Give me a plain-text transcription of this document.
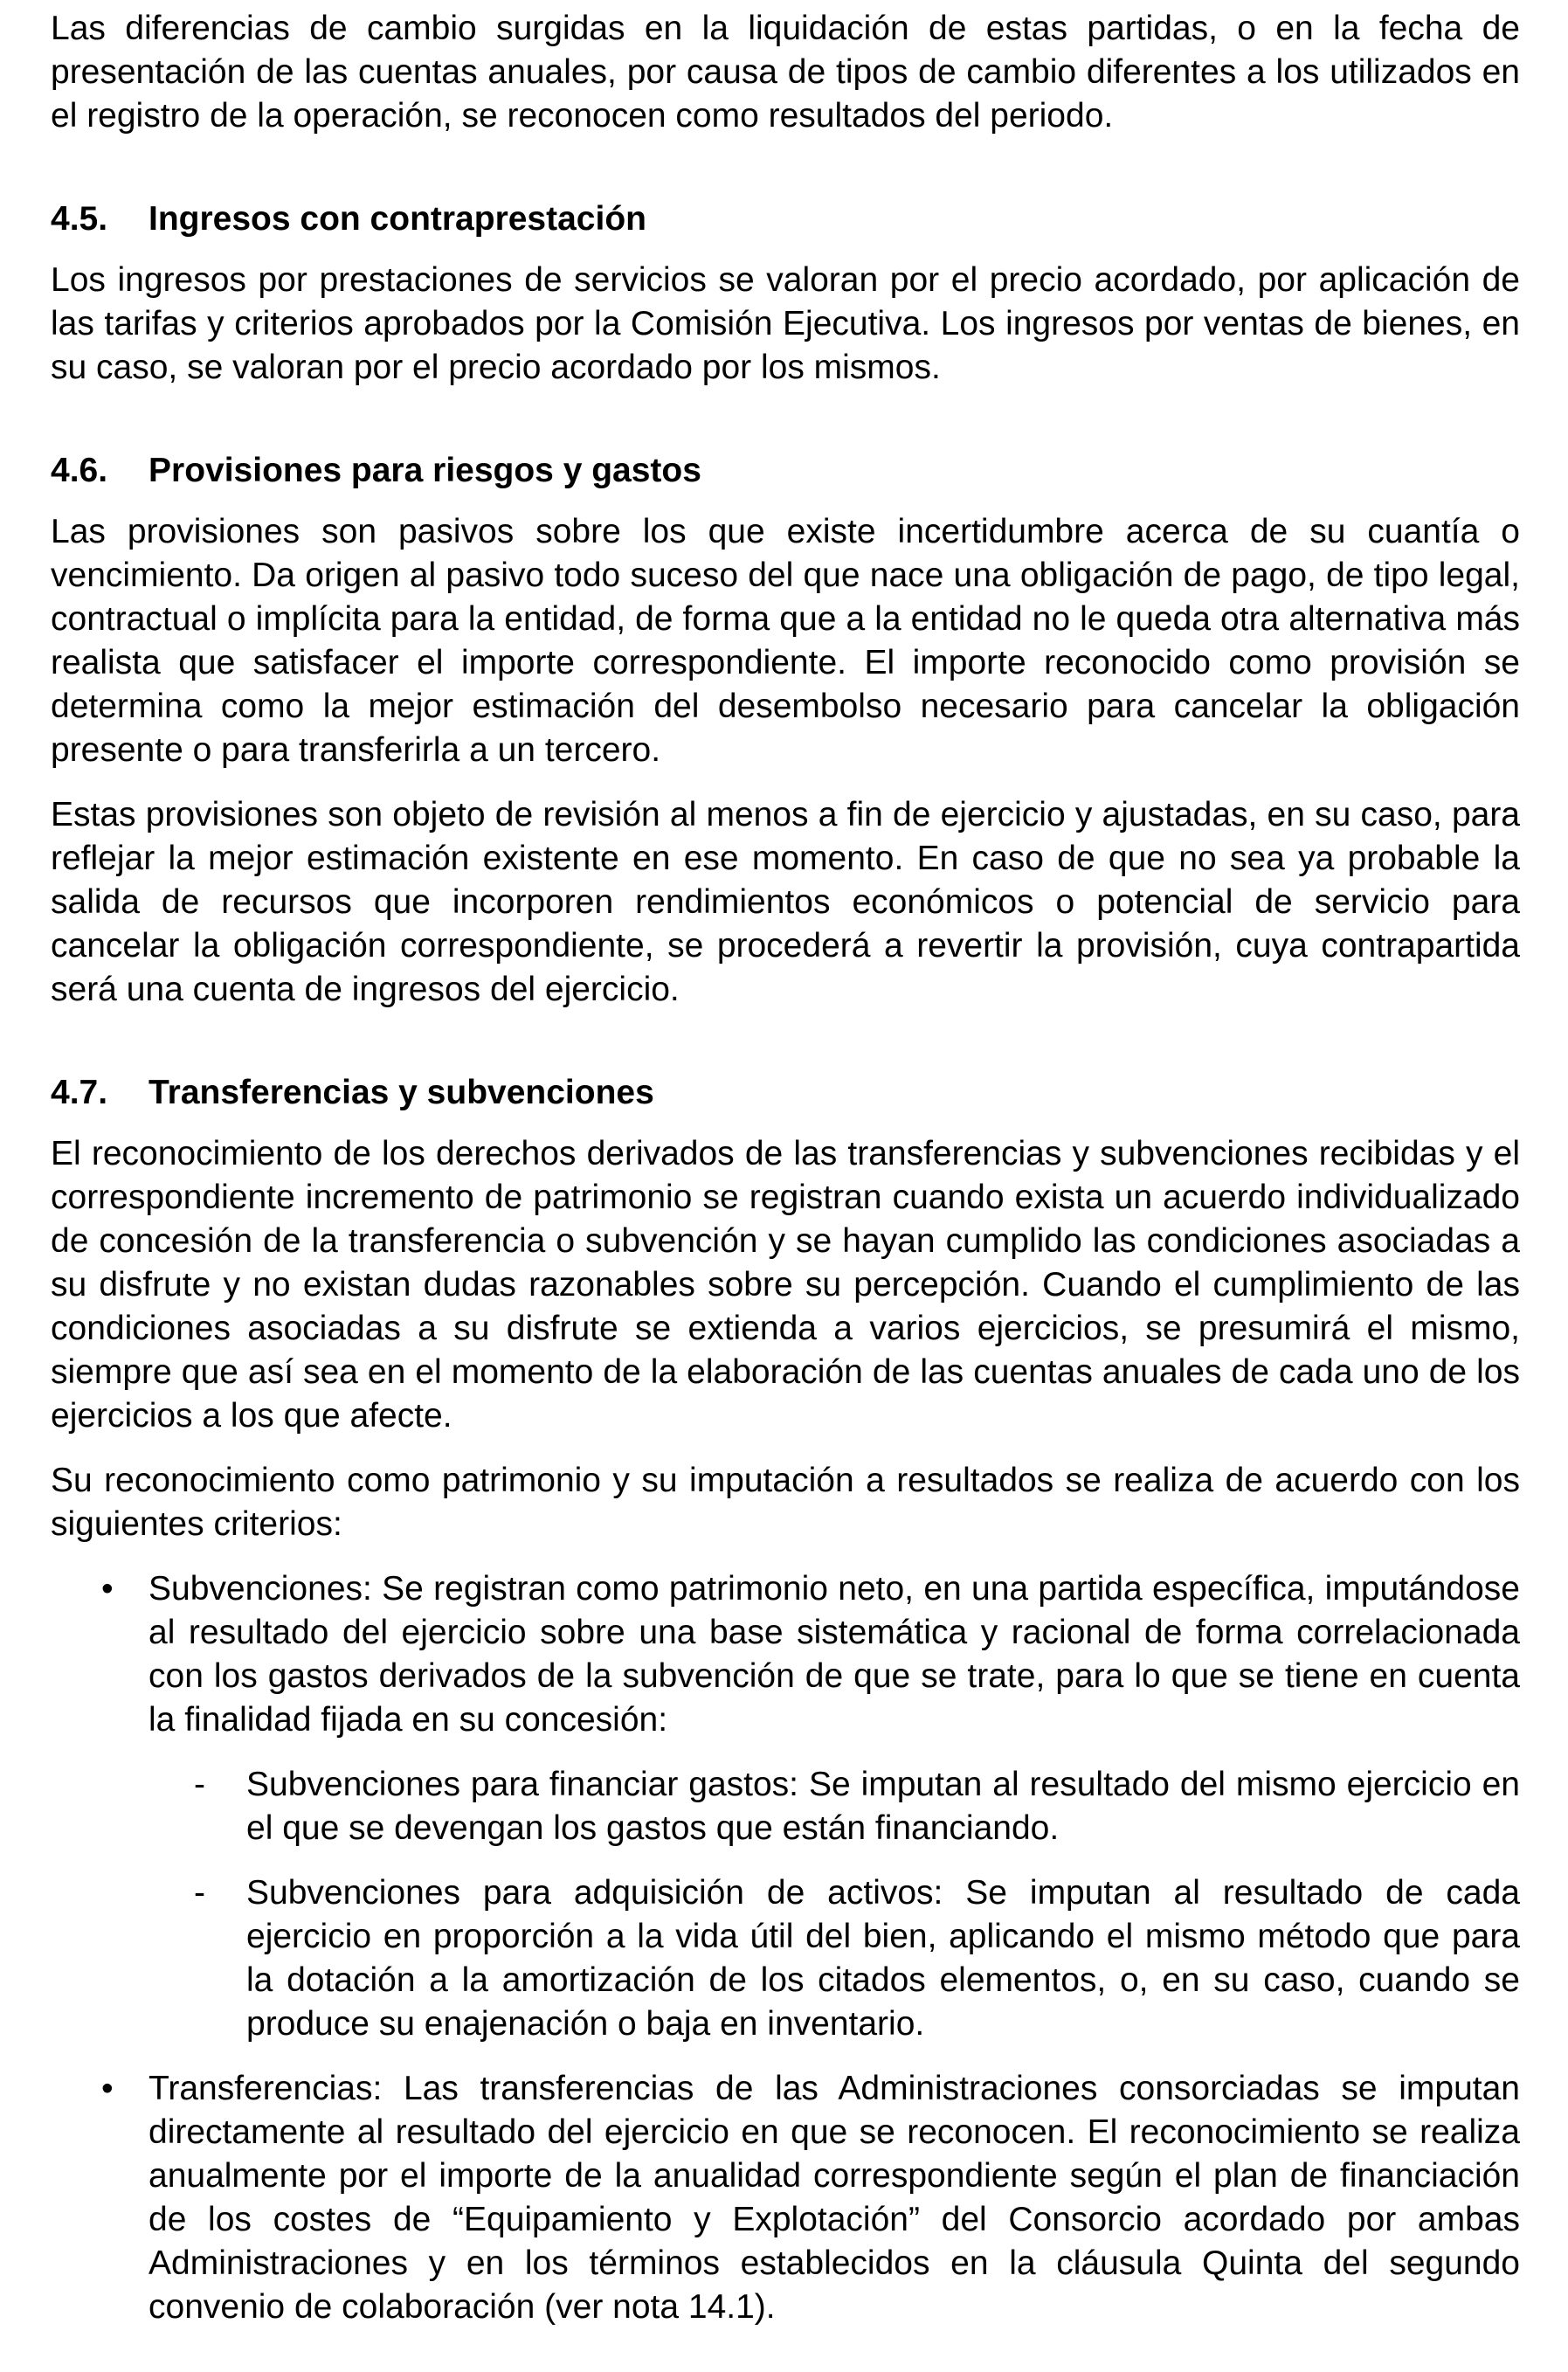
Las diferencias de cambio surgidas en la liquidación de estas partidas, o en la fecha de presentación de las cuentas anuales, por causa de tipos de cambio diferentes a los utilizados en el registro de la operación, se reconocen como resultados del periodo.

4.5.	Ingresos con contraprestación

Los ingresos por prestaciones de servicios se valoran por el precio acordado, por aplicación de las tarifas y criterios aprobados por la Comisión Ejecutiva. Los ingresos por ventas de bienes, en su caso, se valoran por el precio acordado por los mismos.

4.6.	Provisiones para riesgos y gastos

Las provisiones son pasivos sobre los que existe incertidumbre acerca de su cuantía o vencimiento. Da origen al pasivo todo suceso del que nace una obligación de pago, de tipo legal, contractual o implícita para la entidad, de forma que a la entidad no le queda otra alternativa más realista que satisfacer el importe correspondiente. El importe reconocido como provisión se determina como la mejor estimación del desembolso necesario para cancelar la obligación presente o para transferirla a un tercero.

Estas provisiones son objeto de revisión al menos a fin de ejercicio y ajustadas, en su caso, para reflejar la mejor estimación existente en ese momento. En caso de que no sea ya probable la salida de recursos que incorporen rendimientos económicos o potencial de servicio para cancelar la obligación correspondiente, se procederá a revertir la provisión, cuya contrapartida será una cuenta de ingresos del ejercicio.

4.7.	Transferencias y subvenciones

El reconocimiento de los derechos derivados de las transferencias y subvenciones recibidas y el correspondiente incremento de patrimonio se registran cuando exista un acuerdo individualizado de concesión de la transferencia o subvención y se hayan cumplido las condiciones asociadas a su disfrute y no existan dudas razonables sobre su percepción. Cuando el cumplimiento de las condiciones asociadas a su disfrute se extienda a varios ejercicios, se presumirá el mismo, siempre que así sea en el momento de la elaboración de las cuentas anuales de cada uno de los ejercicios a los que afecte.

Su reconocimiento como patrimonio y su imputación a resultados se realiza de acuerdo con los siguientes criterios:

•	Subvenciones: Se registran como patrimonio neto, en una partida específica, imputándose al resultado del ejercicio sobre una base sistemática y racional de forma correlacionada con los gastos derivados de la subvención de que se trate, para lo que se tiene en cuenta la finalidad fijada en su concesión:

- Subvenciones para financiar gastos: Se imputan al resultado del mismo ejercicio en el que se devengan los gastos que están financiando.

- Subvenciones para adquisición de activos: Se imputan al resultado de cada ejercicio en proporción a la vida útil del bien, aplicando el mismo método que para la dotación a la amortización de los citados elementos, o, en su caso, cuando se produce su enajenación o baja en inventario.

•	Transferencias: Las transferencias de las Administraciones consorciadas se imputan directamente al resultado del ejercicio en que se reconocen. El reconocimiento se realiza anualmente por el importe de la anualidad correspondiente según el plan de financiación de los costes de “Equipamiento y Explotación” del Consorcio acordado por ambas Administraciones y en los términos establecidos en la cláusula Quinta del segundo convenio de colaboración (ver nota 14.1).
